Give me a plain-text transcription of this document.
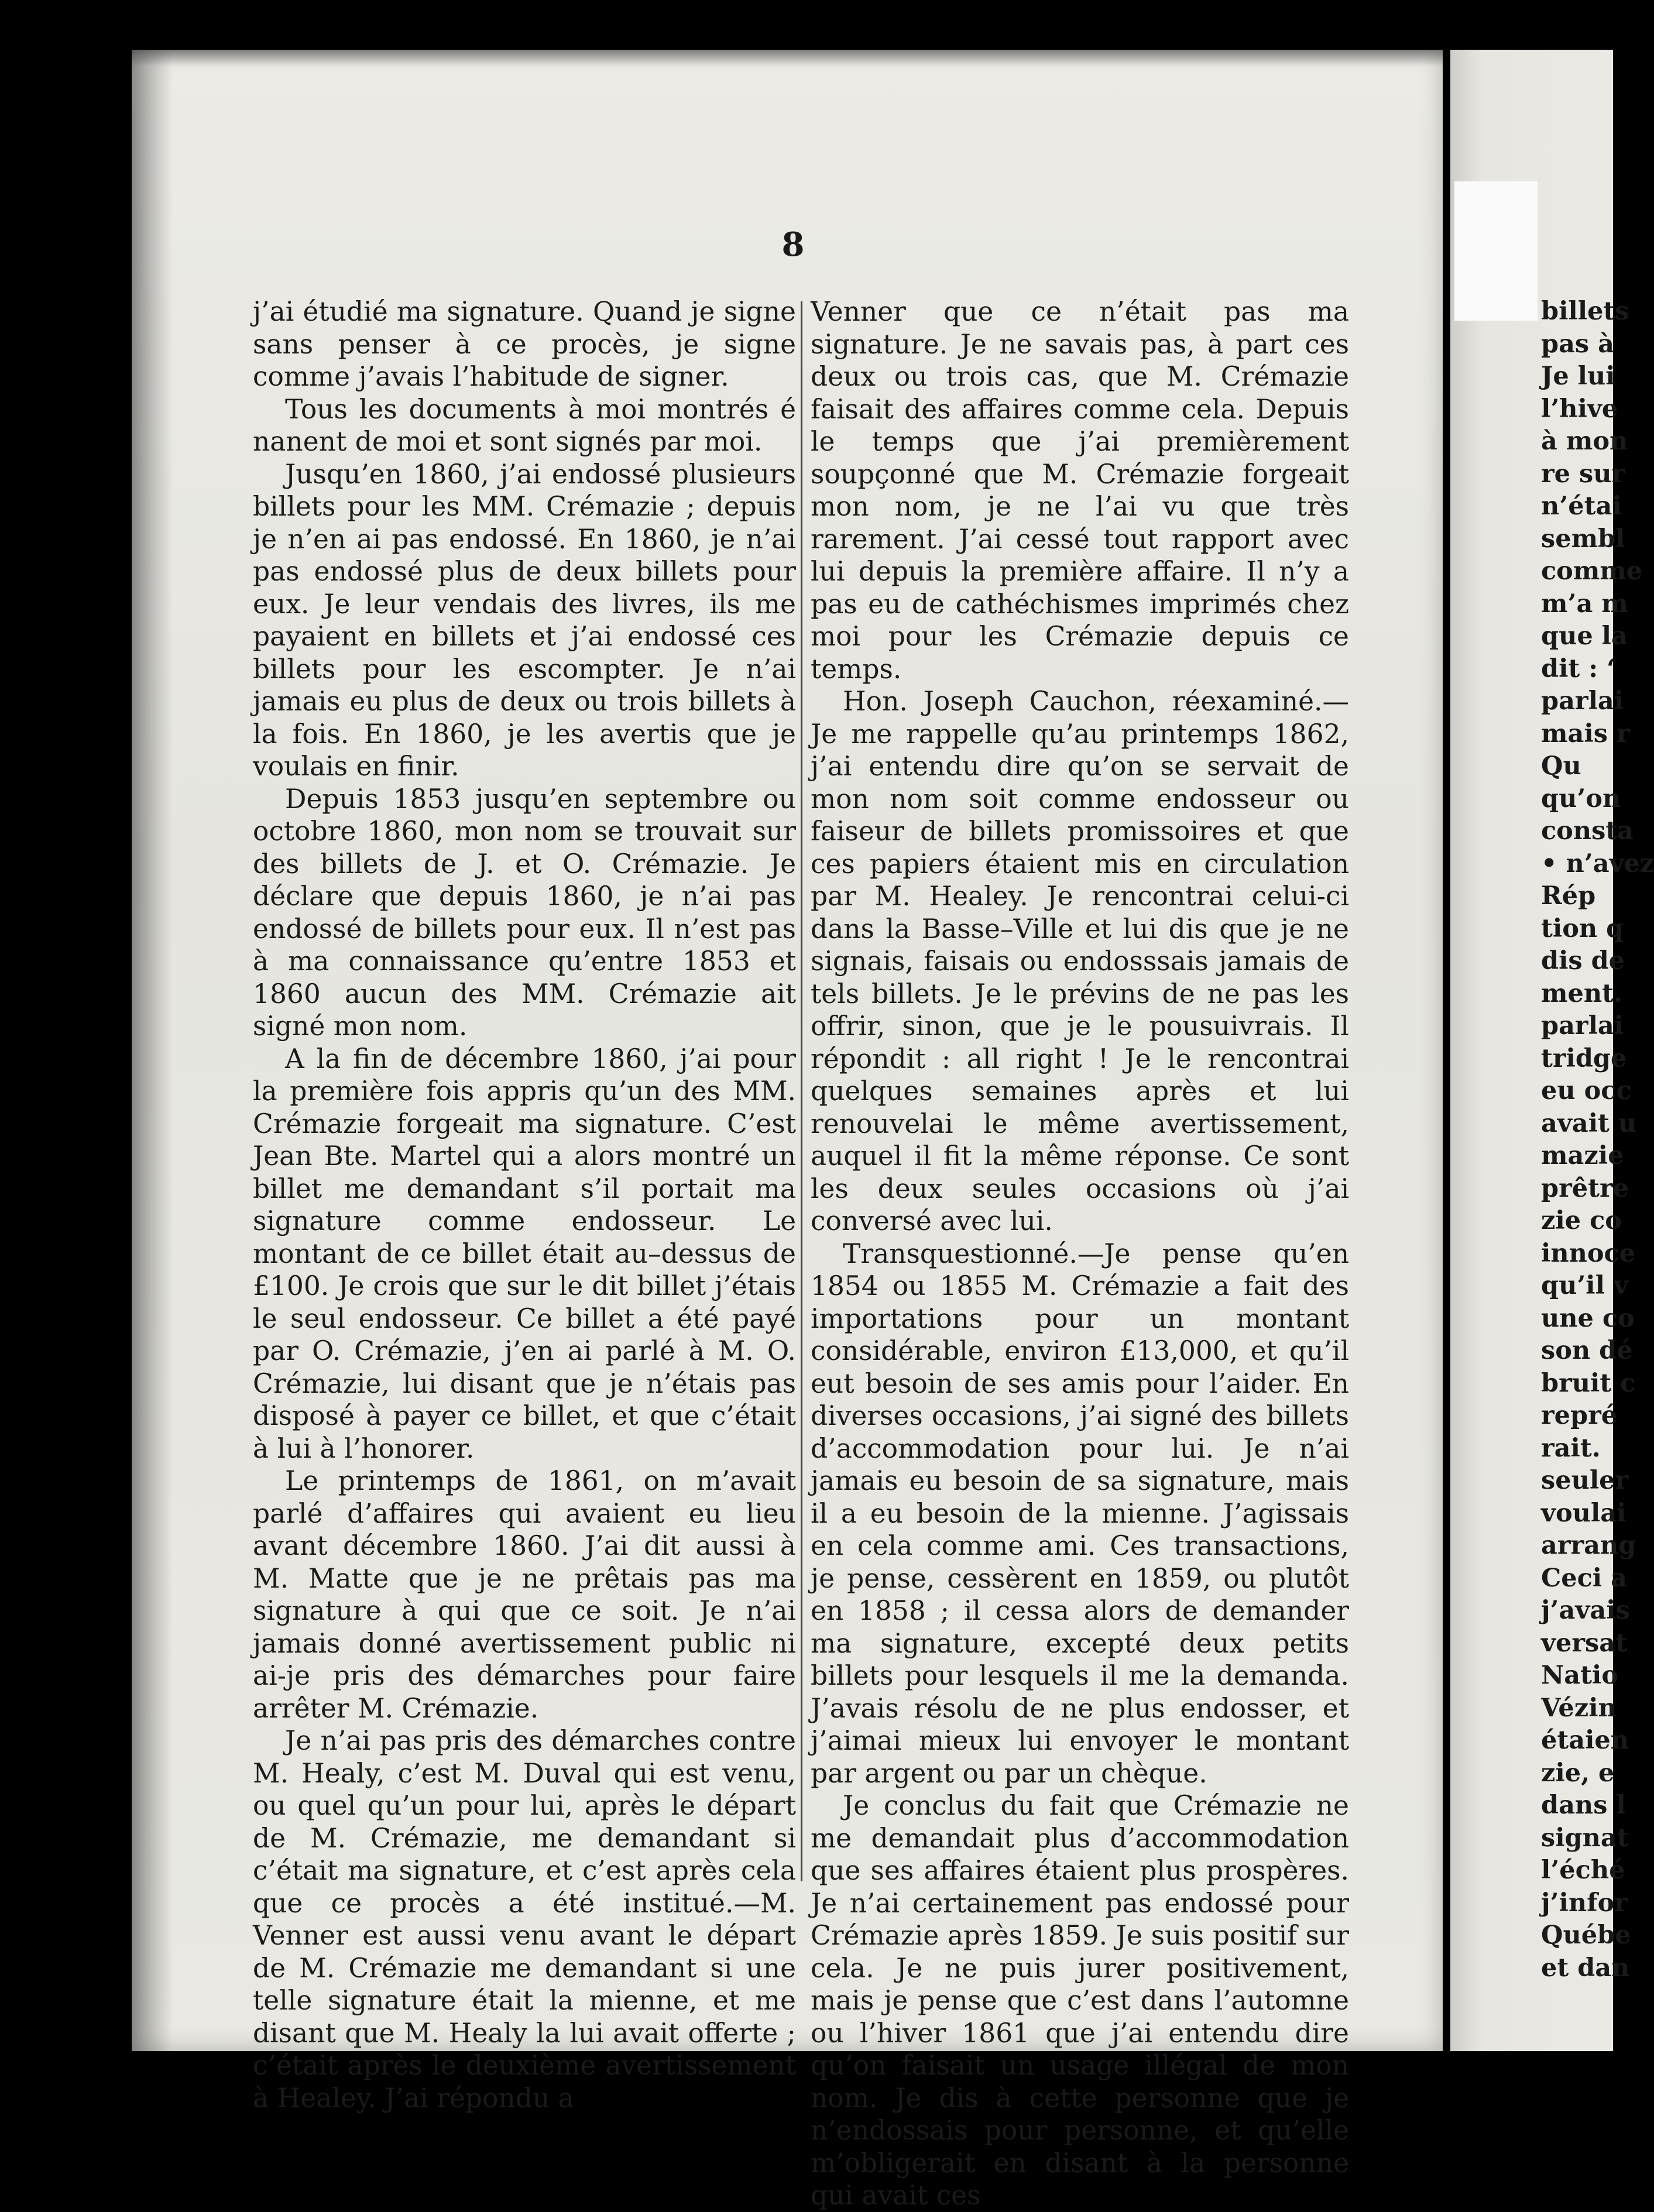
8

j’ai étudié ma signature. Quand je signe sans penser à ce procès, je signe comme j’avais l’habitude de signer.

Tous les documents à moi montrés é nanent de moi et sont signés par moi.

Jusqu’en 1860, j’ai endossé plusieurs billets pour les MM. Crémazie ; depuis je n’en ai pas endossé. En 1860, je n’ai pas endossé plus de deux billets pour eux. Je leur vendais des livres, ils me payaient en billets et j’ai endossé ces billets pour les escompter. Je n’ai jamais eu plus de deux ou trois billets à la fois. En 1860, je les avertis que je voulais en finir.

Depuis 1853 jusqu’en septembre ou octobre 1860, mon nom se trouvait sur des billets de J. et O. Crémazie. Je déclare que depuis 1860, je n’ai pas endossé de billets pour eux. Il n’est pas à ma connaissance qu’entre 1853 et 1860 aucun des MM. Crémazie ait signé mon nom.

A la fin de décembre 1860, j’ai pour la première fois appris qu’un des MM. Crémazie forgeait ma signature. C’est Jean Bte. Martel qui a alors montré un billet me demandant s’il portait ma signature comme endosseur. Le montant de ce billet était au–dessus de £100. Je crois que sur le dit billet j’étais le seul endosseur. Ce billet a été payé par O. Crémazie, j’en ai parlé à M. O. Crémazie, lui disant que je n’étais pas disposé à payer ce billet, et que c’était à lui à l’honorer.

Le printemps de 1861, on m’avait parlé d’affaires qui avaient eu lieu avant décembre 1860. J’ai dit aussi à M. Matte que je ne prêtais pas ma signature à qui que ce soit. Je n’ai jamais donné avertissement public ni ai-je pris des démarches pour faire arrêter M. Crémazie.

Je n’ai pas pris des démarches contre M. Healy, c’est M. Duval qui est venu, ou quel qu’un pour lui, après le départ de M. Crémazie, me demandant si c’était ma signature, et c’est après cela que ce procès a été institué.—M. Venner est aussi venu avant le départ de M. Crémazie me demandant si une telle signature était la mienne, et me disant que M. Healy la lui avait offerte ; c’était après le deuxième avertissement à Healey. J’ai répondu a

Venner que ce n’était pas ma signature. Je ne savais pas, à part ces deux ou trois cas, que M. Crémazie faisait des affaires comme cela. Depuis le temps que j’ai premièrement soupçonné que M. Crémazie forgeait mon nom, je ne l’ai vu que très rarement. J’ai cessé tout rapport avec lui depuis la première affaire. Il n’y a pas eu de cathéchismes imprimés chez moi pour les Crémazie depuis ce temps.

Hon. Joseph Cauchon, réexaminé.—Je me rappelle qu’au printemps 1862, j’ai entendu dire qu’on se servait de mon nom soit comme endosseur ou faiseur de billets promissoires et que ces papiers étaient mis en circulation par M. Healey. Je rencontrai celui-ci dans la Basse–Ville et lui dis que je ne signais, faisais ou endosssais jamais de tels billets. Je le prévins de ne pas les offrir, sinon, que je le pousuivrais. Il répondit : all right ! Je le rencontrai quelques semaines après et lui renouvelai le même avertissement, auquel il fit la même réponse. Ce sont les deux seules occasions où j’ai conversé avec lui.

Transquestionné.—Je pense qu’en 1854 ou 1855 M. Crémazie a fait des importations pour un montant considérable, environ £13,000, et qu’il eut besoin de ses amis pour l’aider. En diverses occasions, j’ai signé des billets d’accommodation pour lui. Je n’ai jamais eu besoin de sa signature, mais il a eu besoin de la mienne. J’agissais en cela comme ami. Ces transactions, je pense, cessèrent en 1859, ou plutôt en 1858 ; il cessa alors de demander ma signature, excepté deux petits billets pour lesquels il me la demanda. J’avais résolu de ne plus endosser, et j’aimai mieux lui envoyer le montant par argent ou par un chèque.

Je conclus du fait que Crémazie ne me demandait plus d’accommodation que ses affaires étaient plus prospères. Je n’ai certainement pas endossé pour Crémazie après 1859. Je suis positif sur cela. Je ne puis jurer positivement, mais je pense que c’est dans l’automne ou l’hiver 1861 que j’ai entendu dire qu’on faisait un usage illégal de mon nom. Je dis à cette personne que je n’endossais pour personne, et qu’elle m’obligerait en disant à la personne qui avait ces

billets
pas à
Je lui
l’hive
à mon
re sur
n’étai
sembl
comme
m’a m
que la
dit : ‘
parlai
mais r
Qu
qu’on
consta
• n’avez
Rép
tion q
dis de
ment.
parlai
tridge
eu occ
avait u
mazie
prêtre
zie co
innoce
qu’il v
une co
son dé
bruit c
repré
rait.
seuler
voulai
arrang
Ceci a
j’avais
versat
Natio
Vézin
étaien
zie, e
dans l
signat
l’éché
j’infor
Québe
et dan
